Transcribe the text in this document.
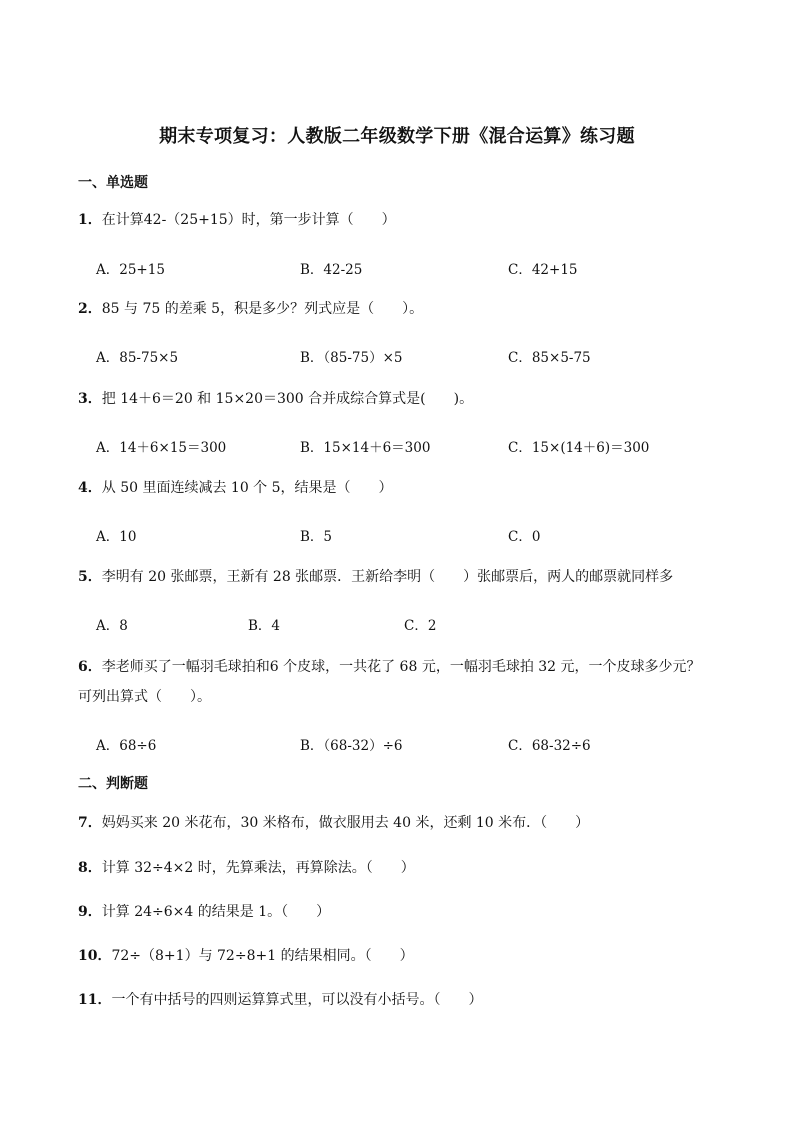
期末专项复习：人教版二年级数学下册《混合运算》练习题
一、单选题
1．在计算42-（25+15）时，第一步计算（　　）
A．25+15	B．42-25	C．42+15
2．85 与 75 的差乘 5，积是多少？列式应是（　　）。
A．85-75×5	B．（85-75）×5	C．85×5-75
3．把 14＋6＝20 和 15×20＝300 合并成综合算式是(　　)。
A．14＋6×15＝300	B．15×14＋6＝300	C．15×(14＋6)＝300
4．从 50 里面连续减去 10 个 5，结果是（　　）
A．10	B．5	C．0
5．李明有 20 张邮票，王新有 28 张邮票．王新给李明（　　）张邮票后，两人的邮票就同样多
A．8	B．4	C．2
6．李老师买了一幅羽毛球拍和6 个皮球，一共花了 68 元，一幅羽毛球拍 32 元，一个皮球多少元？
可列出算式（　　）。
A．68÷6	B．（68-32）÷6	C．68-32÷6
二、判断题
7．妈妈买来 20 米花布，30 米格布，做衣服用去 40 米，还剩 10 米布．（　　）
8．计算 32÷4×2 时，先算乘法，再算除法。（　　）
9．计算 24÷6×4 的结果是 1。（　　）
10．72÷（8+1）与 72÷8+1 的结果相同。（　　）
11．一个有中括号的四则运算算式里，可以没有小括号。（　　）
